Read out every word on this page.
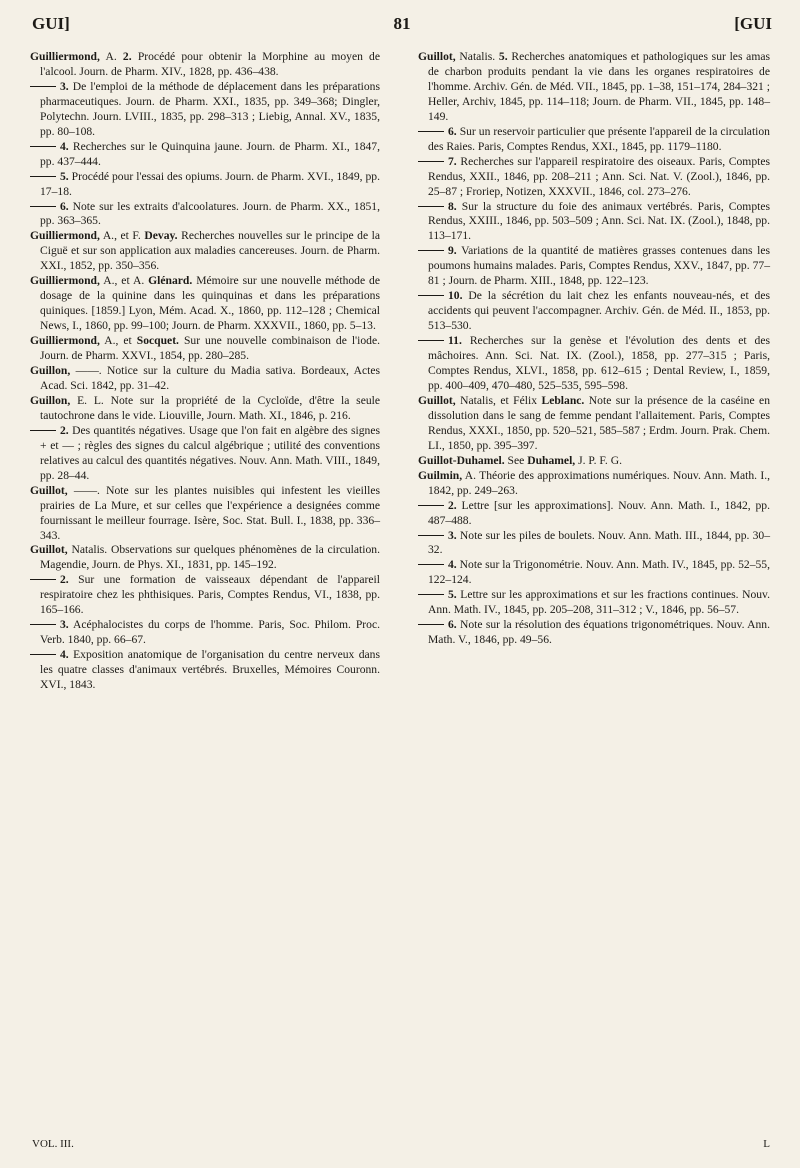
GUI]	81	[GUI

Guilliermond, A. 2. Procédé pour obtenir la Morphine au moyen de l'alcool. Journ. de Pharm. XIV., 1828, pp. 436–438.

3. De l'emploi de la méthode de déplacement dans les préparations pharmaceutiques. Journ. de Pharm. XXI., 1835, pp. 349–368; Dingler, Polytechn. Journ. LVIII., 1835, pp. 298–313 ; Liebig, Annal. XV., 1835, pp. 80–108.

4. Recherches sur le Quinquina jaune. Journ. de Pharm. XI., 1847, pp. 437–444.

5. Procédé pour l'essai des opiums. Journ. de Pharm. XVI., 1849, pp. 17–18.

6. Note sur les extraits d'alcoolatures. Journ. de Pharm. XX., 1851, pp. 363–365.

Guilliermond, A., et F. Devay. Recherches nouvelles sur le principe de la Ciguë et sur son application aux maladies cancereuses. Journ. de Pharm. XXI., 1852, pp. 350–356.

Guilliermond, A., et A. Glénard. Mémoire sur une nouvelle méthode de dosage de la quinine dans les quinquinas et dans les préparations quiniques. [1859.] Lyon, Mém. Acad. X., 1860, pp. 112–128 ; Chemical News, I., 1860, pp. 99–100; Journ. de Pharm. XXXVII., 1860, pp. 5–13.

Guilliermond, A., et Socquet. Sur une nouvelle combinaison de l'iode. Journ. de Pharm. XXVI., 1854, pp. 280–285.

Guillon, ——. Notice sur la culture du Madia sativa. Bordeaux, Actes Acad. Sci. 1842, pp. 31–42.

Guillon, E. L. Note sur la propriété de la Cycloïde, d'être la seule tautochrone dans le vide. Liouville, Journ. Math. XI., 1846, p. 216.

2. Des quantités négatives. Usage que l'on fait en algèbre des signes + et — ; règles des signes du calcul algébrique ; utilité des conventions relatives au calcul des quantités négatives. Nouv. Ann. Math. VIII., 1849, pp. 28–44.

Guillot, ——. Note sur les plantes nuisibles qui infestent les vieilles prairies de La Mure, et sur celles que l'expérience a designées comme fournissant le meilleur fourrage. Isère, Soc. Stat. Bull. I., 1838, pp. 336–343.

Guillot, Natalis. Observations sur quelques phénomènes de la circulation. Magendie, Journ. de Phys. XI., 1831, pp. 145–192.

2. Sur une formation de vaisseaux dépendant de l'appareil respiratoire chez les phthisiques. Paris, Comptes Rendus, VI., 1838, pp. 165–166.

3. Acéphalocistes du corps de l'homme. Paris, Soc. Philom. Proc. Verb. 1840, pp. 66–67.

4. Exposition anatomique de l'organisation du centre nerveux dans les quatre classes d'animaux vertébrés. Bruxelles, Mémoires Couronn. XVI., 1843.

Guillot, Natalis. 5. Recherches anatomiques et pathologiques sur les amas de charbon produits pendant la vie dans les organes respiratoires de l'homme. Archiv. Gén. de Méd. VII., 1845, pp. 1–38, 151–174, 284–321 ; Heller, Archiv, 1845, pp. 114–118; Journ. de Pharm. VII., 1845, pp. 148–149.

6. Sur un reservoir particulier que présente l'appareil de la circulation des Raies. Paris, Comptes Rendus, XXI., 1845, pp. 1179–1180.

7. Recherches sur l'appareil respiratoire des oiseaux. Paris, Comptes Rendus, XXII., 1846, pp. 208–211 ; Ann. Sci. Nat. V. (Zool.), 1846, pp. 25–87 ; Froriep, Notizen, XXXVII., 1846, col. 273–276.

8. Sur la structure du foie des animaux vertébrés. Paris, Comptes Rendus, XXIII., 1846, pp. 503–509 ; Ann. Sci. Nat. IX. (Zool.), 1848, pp. 113–171.

9. Variations de la quantité de matières grasses contenues dans les poumons humains malades. Paris, Comptes Rendus, XXV., 1847, pp. 77–81 ; Journ. de Pharm. XIII., 1848, pp. 122–123.

10. De la sécrétion du lait chez les enfants nouveau-nés, et des accidents qui peuvent l'accompagner. Archiv. Gén. de Méd. II., 1853, pp. 513–530.

11. Recherches sur la genèse et l'évolution des dents et des mâchoires. Ann. Sci. Nat. IX. (Zool.), 1858, pp. 277–315 ; Paris, Comptes Rendus, XLVI., 1858, pp. 612–615 ; Dental Review, I., 1859, pp. 400–409, 470–480, 525–535, 595–598.

Guillot, Natalis, et Félix Leblanc. Note sur la présence de la caséine en dissolution dans le sang de femme pendant l'allaitement. Paris, Comptes Rendus, XXXI., 1850, pp. 520–521, 585–587 ; Erdm. Journ. Prak. Chem. LI., 1850, pp. 395–397.

Guillot-Duhamel. See Duhamel, J. P. F. G.

Guilmin, A. Théorie des approximations numériques. Nouv. Ann. Math. I., 1842, pp. 249–263.

2. Lettre [sur les approximations]. Nouv. Ann. Math. I., 1842, pp. 487–488.

3. Note sur les piles de boulets. Nouv. Ann. Math. III., 1844, pp. 30–32.

4. Note sur la Trigonométrie. Nouv. Ann. Math. IV., 1845, pp. 52–55, 122–124.

5. Lettre sur les approximations et sur les fractions continues. Nouv. Ann. Math. IV., 1845, pp. 205–208, 311–312 ; V., 1846, pp. 56–57.

6. Note sur la résolution des équations trigonométriques. Nouv. Ann. Math. V., 1846, pp. 49–56.

VOL. III.	L
